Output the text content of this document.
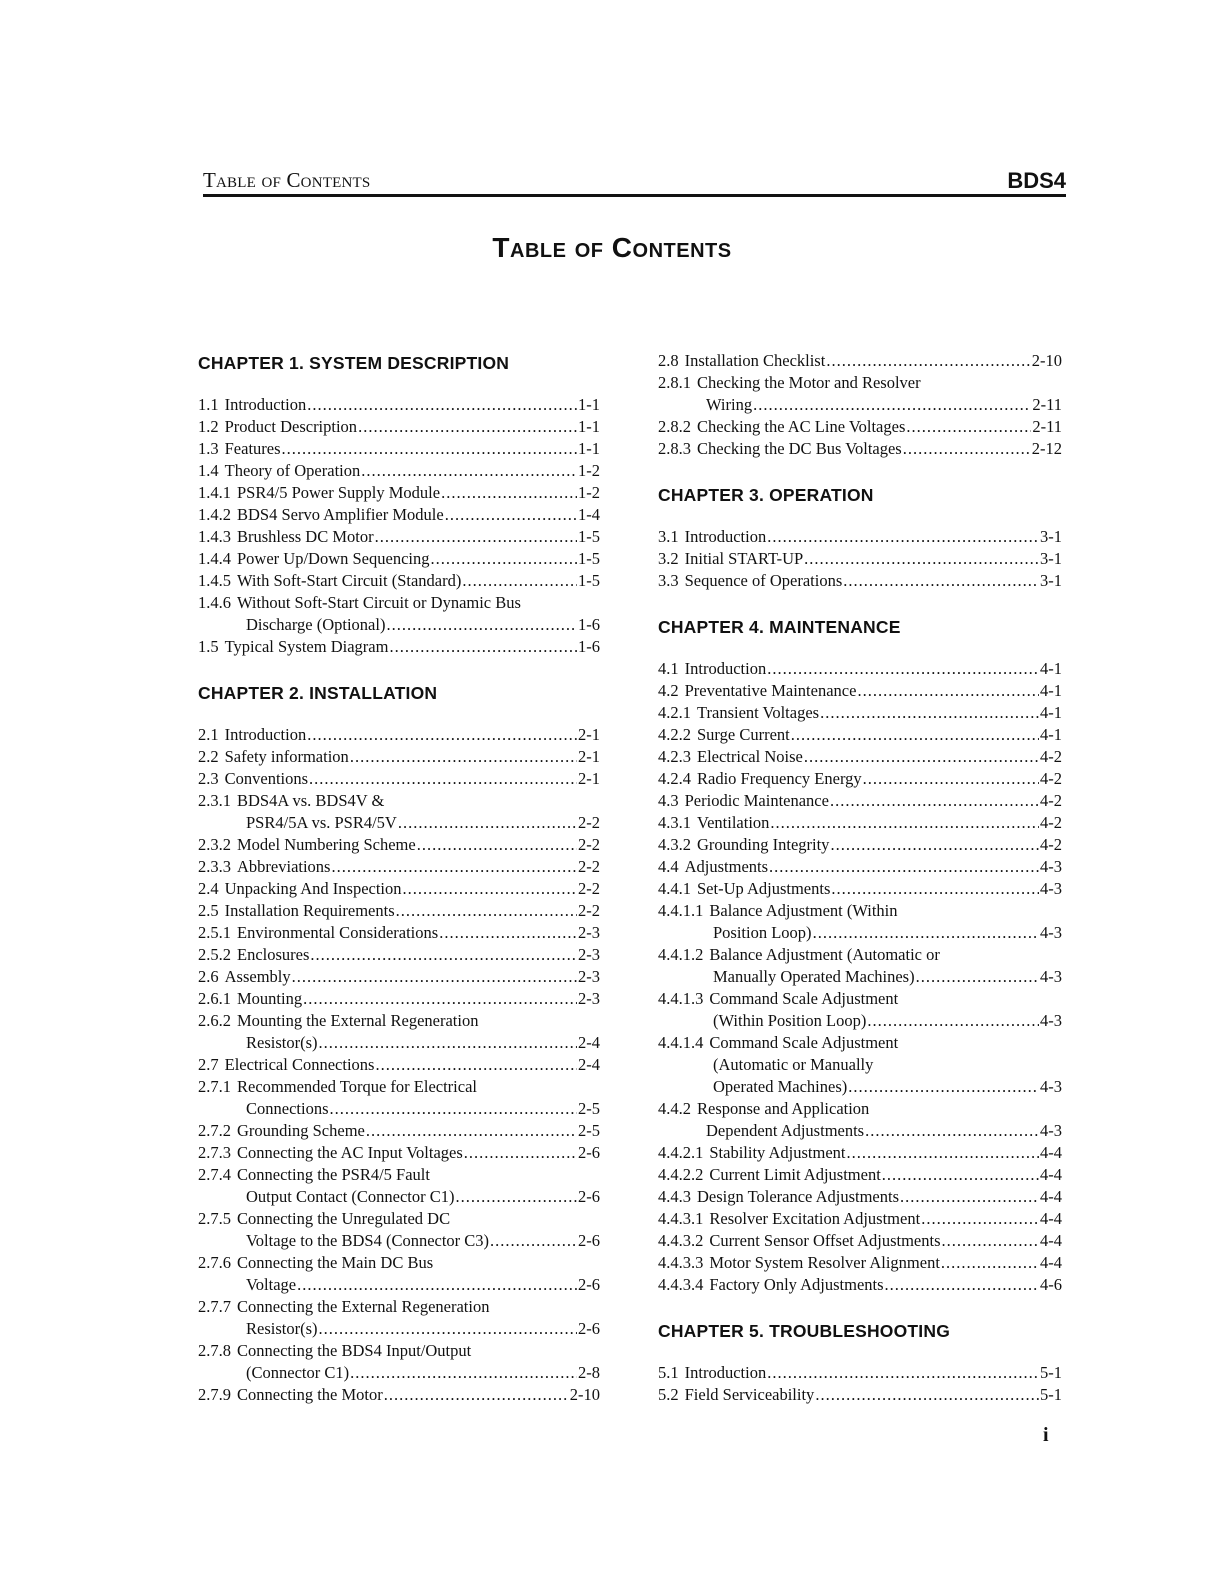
Table of Contents	BDS4
Table of Contents
CHAPTER 1. SYSTEM DESCRIPTION
1.1 Introduction .....	1-1
1.2 Product Description .....	1-1
1.3 Features .....	1-1
1.4 Theory of Operation .....	1-2
1.4.1 PSR4/5 Power Supply Module .....	1-2
1.4.2 BDS4 Servo Amplifier Module .....	1-4
1.4.3 Brushless DC Motor .....	1-5
1.4.4 Power Up/Down Sequencing .....	1-5
1.4.5 With Soft-Start Circuit (Standard) .....	1-5
1.4.6 Without Soft-Start Circuit or Dynamic Bus
Discharge (Optional) .....	1-6
1.5 Typical System Diagram .....	1-6
CHAPTER 2. INSTALLATION
2.1 Introduction .....	2-1
2.2 Safety information .....	2-1
2.3 Conventions .....	2-1
2.3.1 BDS4A vs. BDS4V &
PSR4/5A vs. PSR4/5V .....	2-2
2.3.2 Model Numbering Scheme .....	2-2
2.3.3 Abbreviations .....	2-2
2.4 Unpacking And Inspection .....	2-2
2.5 Installation Requirements .....	2-2
2.5.1 Environmental Considerations .....	2-3
2.5.2 Enclosures .....	2-3
2.6 Assembly .....	2-3
2.6.1 Mounting .....	2-3
2.6.2 Mounting the External Regeneration
Resistor(s) .....	2-4
2.7 Electrical Connections .....	2-4
2.7.1 Recommended Torque for Electrical
Connections .....	2-5
2.7.2 Grounding Scheme .....	2-5
2.7.3 Connecting the AC Input Voltages .....	2-6
2.7.4 Connecting the PSR4/5 Fault
Output Contact (Connector C1) .....	2-6
2.7.5 Connecting the Unregulated DC
Voltage to the BDS4 (Connector C3) .....	2-6
2.7.6 Connecting the Main DC Bus
Voltage .....	2-6
2.7.7 Connecting the External Regeneration
Resistor(s) .....	2-6
2.7.8 Connecting the BDS4 Input/Output
(Connector C1) .....	2-8
2.7.9 Connecting the Motor .....	2-10
2.8 Installation Checklist .....	2-10
2.8.1 Checking the Motor and Resolver
Wiring .....	2-11
2.8.2 Checking the AC Line Voltages .....	2-11
2.8.3 Checking the DC Bus Voltages .....	2-12
CHAPTER 3. OPERATION
3.1 Introduction .....	3-1
3.2 Initial START-UP .....	3-1
3.3 Sequence of Operations .....	3-1
CHAPTER 4. MAINTENANCE
4.1 Introduction .....	4-1
4.2 Preventative Maintenance .....	4-1
4.2.1 Transient Voltages .....	4-1
4.2.2 Surge Current .....	4-1
4.2.3 Electrical Noise .....	4-2
4.2.4 Radio Frequency Energy .....	4-2
4.3 Periodic Maintenance .....	4-2
4.3.1 Ventilation .....	4-2
4.3.2 Grounding Integrity .....	4-2
4.4 Adjustments .....	4-3
4.4.1 Set-Up Adjustments .....	4-3
4.4.1.1 Balance Adjustment (Within
Position Loop) .....	4-3
4.4.1.2 Balance Adjustment (Automatic or
Manually Operated Machines) .....	4-3
4.4.1.3 Command Scale Adjustment
(Within Position Loop) .....	4-3
4.4.1.4 Command Scale Adjustment
(Automatic or Manually
Operated Machines) .....	4-3
4.4.2 Response and Application
Dependent Adjustments .....	4-3
4.4.2.1 Stability Adjustment .....	4-4
4.4.2.2 Current Limit Adjustment .....	4-4
4.4.3 Design Tolerance Adjustments .....	4-4
4.4.3.1 Resolver Excitation Adjustment .....	4-4
4.4.3.2 Current Sensor Offset Adjustments .....	4-4
4.4.3.3 Motor System Resolver Alignment .....	4-4
4.4.3.4 Factory Only Adjustments .....	4-6
CHAPTER 5. TROUBLESHOOTING
5.1 Introduction .....	5-1
5.2 Field Serviceability .....	5-1
i
